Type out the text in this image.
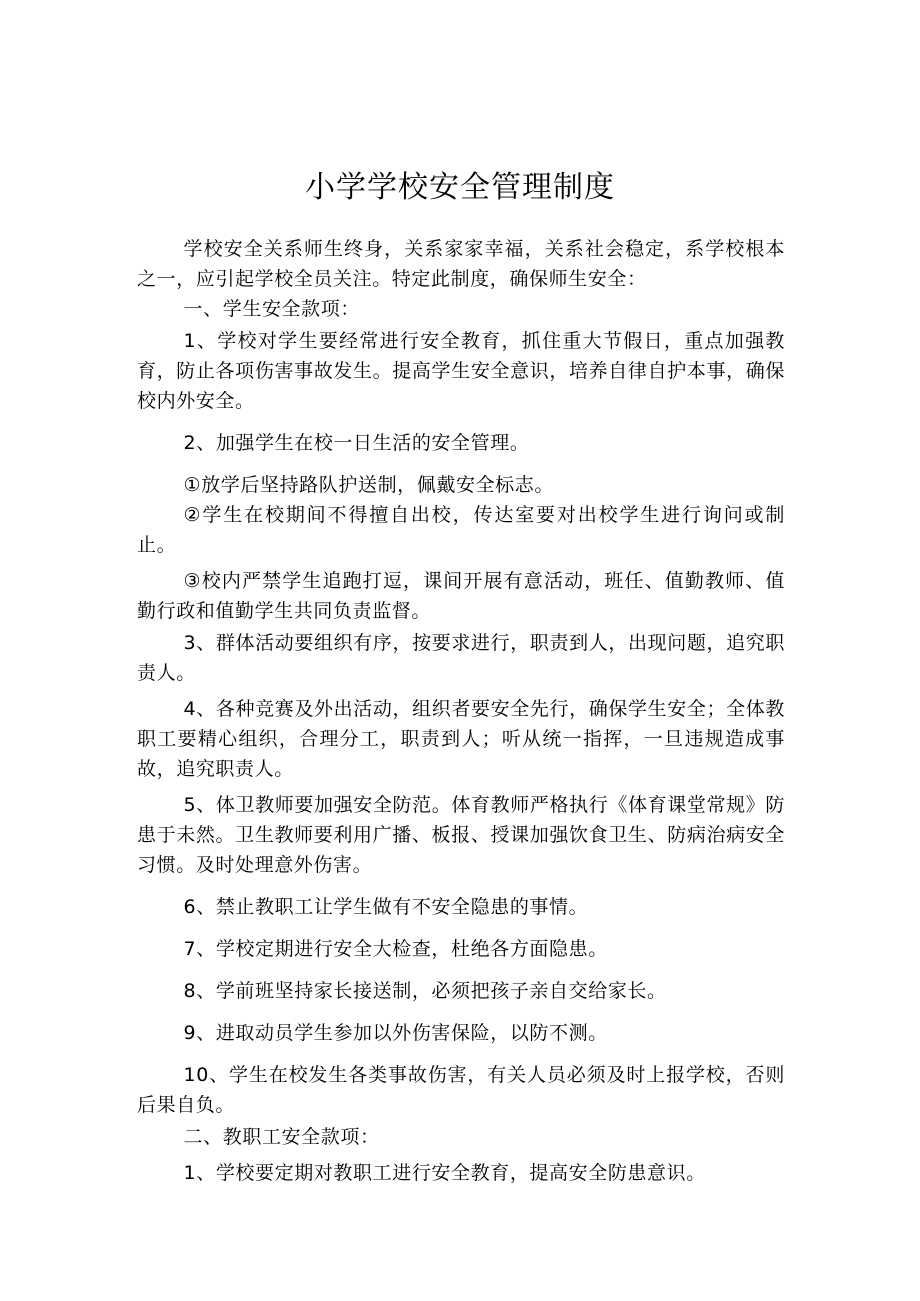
小学学校安全管理制度

学校安全关系师生终身，关系家家幸福，关系社会稳定，系学校根本之一，应引起学校全员关注。特定此制度，确保师生安全：

一、学生安全款项：

1、学校对学生要经常进行安全教育，抓住重大节假日，重点加强教育，防止各项伤害事故发生。提高学生安全意识，培养自律自护本事，确保校内外安全。

2、加强学生在校一日生活的安全管理。

①放学后坚持路队护送制，佩戴安全标志。

②学生在校期间不得擅自出校，传达室要对出校学生进行询问或制止。

③校内严禁学生追跑打逗，课间开展有意活动，班任、值勤教师、值勤行政和值勤学生共同负责监督。

3、群体活动要组织有序，按要求进行，职责到人，出现问题，追究职责人。

4、各种竞赛及外出活动，组织者要安全先行，确保学生安全；全体教职工要精心组织，合理分工，职责到人；听从统一指挥，一旦违规造成事故，追究职责人。

5、体卫教师要加强安全防范。体育教师严格执行《体育课堂常规》防患于未然。卫生教师要利用广播、板报、授课加强饮食卫生、防病治病安全习惯。及时处理意外伤害。

6、禁止教职工让学生做有不安全隐患的事情。

7、学校定期进行安全大检查，杜绝各方面隐患。

8、学前班坚持家长接送制，必须把孩子亲自交给家长。

9、进取动员学生参加以外伤害保险，以防不测。

10、学生在校发生各类事故伤害，有关人员必须及时上报学校，否则后果自负。

二、教职工安全款项：

1、学校要定期对教职工进行安全教育，提高安全防患意识。
